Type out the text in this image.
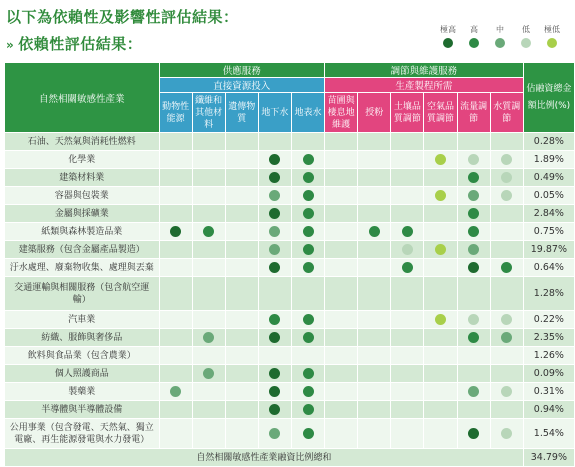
以下為依賴性及影響性評估結果：
» 依賴性評估結果：
極高 高 中 低 極低
自然相關敏感性產業	供應服務					調節與維護服務						佔融資總金額比例(%)
	直接資源投入					生產製程所需						
	動物性能源	纖維和其他材料	遺傳物質	地下水	地表水	苗圃與棲息地維護	授粉	土壤品質調節	空氣品質調節	流量調節	水質調節	
石油、天然氣與消耗性燃料												0.28%
化學業												1.89%
建築材料業												0.49%
容器與包裝業												0.05%
金屬與採礦業												2.84%
紙類與森林製造品業												0.75%
建築服務（包含金屬產品製造）												19.87%
汙水處理、廢棄物收集、處理與丟棄												0.64%
交通運輸與相關服務（包含航空運輸）												1.28%
汽車業												0.22%
紡織、服飾與奢侈品												2.35%
飲料與食品業（包含農業）												1.26%
個人照護商品												0.09%
製藥業												0.31%
半導體與半導體設備												0.94%
公用事業（包含發電、天然氣、獨立電廠、再生能源發電與水力發電）												1.54%
自然相關敏感性產業融資比例總和												34.79%
